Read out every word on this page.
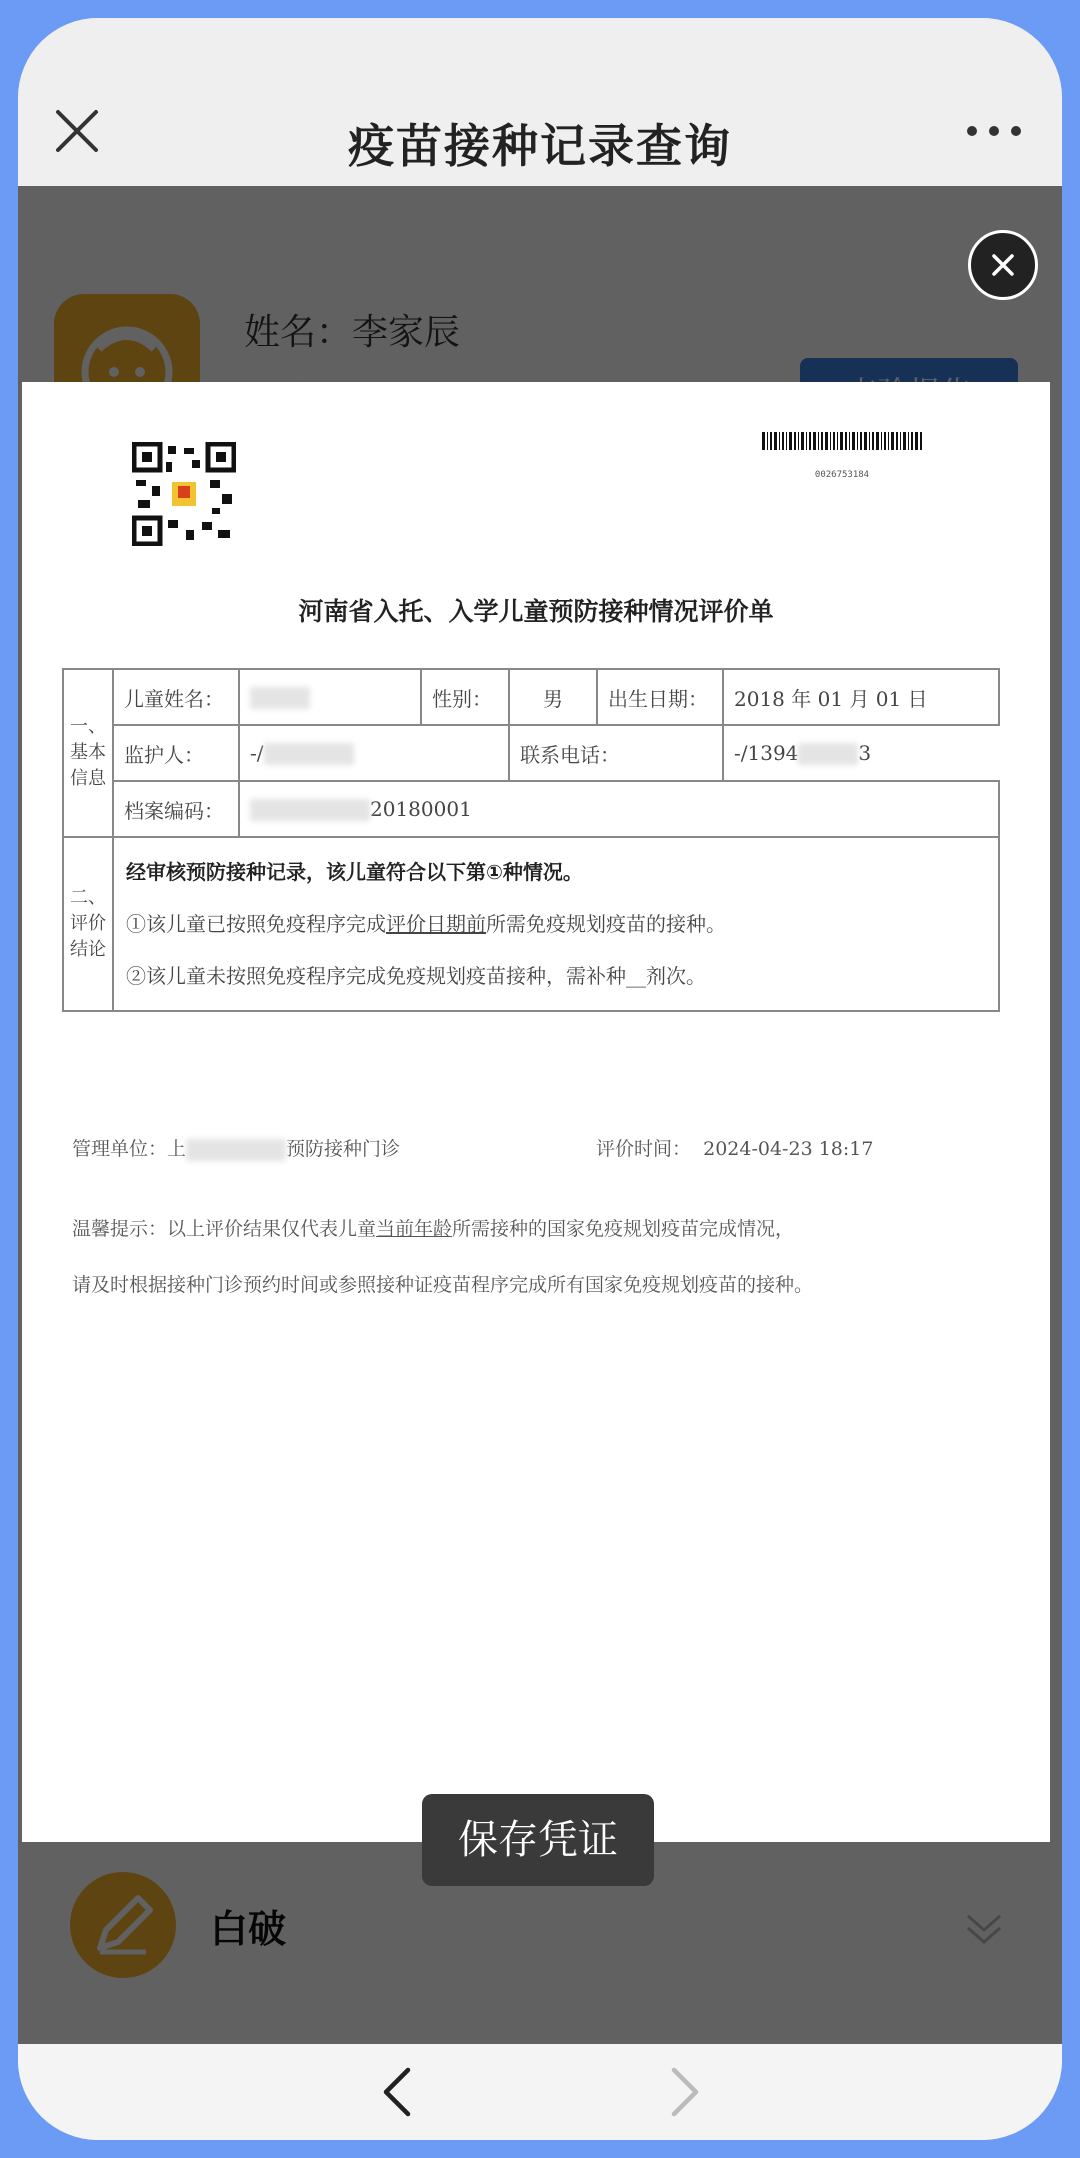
疫苗接种记录查询
0026753184
河南省入托、入学儿童预防接种情况评价单
一、基本信息	儿童姓名：		性别：	男	出生日期：	2018 年 01 月 01 日
	监护人：	-/		联系电话：		-/1394 3
	档案编码：	20180001				
二、评价结论	经审核预防接种记录，该儿童符合以下第①种情况。
①该儿童已按照免疫程序完成评价日期前所需免疫规划疫苗的接种。
②该儿童未按照免疫程序完成免疫规划疫苗接种，需补种__剂次。					
管理单位：上	预防接种门诊	评价时间： 2024-04-23 18:17
温馨提示：以上评价结果仅代表儿童当前年龄所需接种的国家免疫规划疫苗完成情况，
请及时根据接种门诊预约时间或参照接种证疫苗程序完成所有国家免疫规划疫苗的接种。
保存凭证
